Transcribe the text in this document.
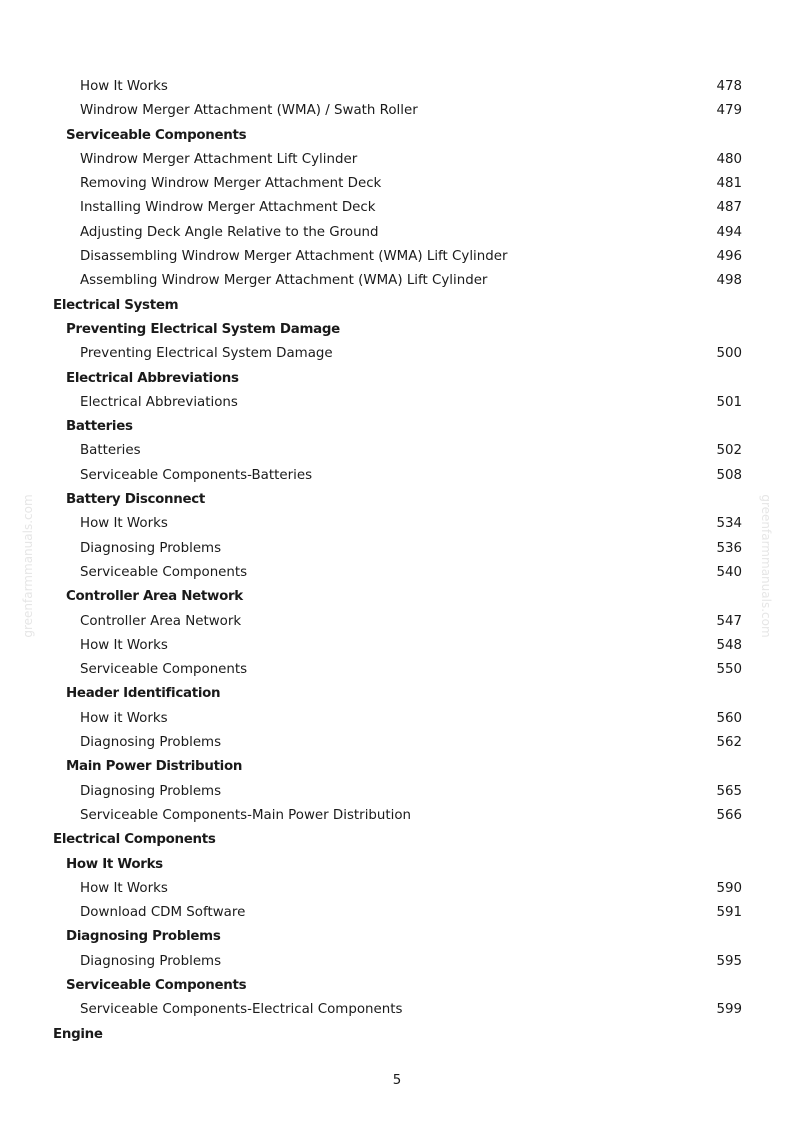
How It Works	478
Windrow Merger Attachment (WMA) / Swath Roller	479
Serviceable Components
Windrow Merger Attachment Lift Cylinder	480
Removing Windrow Merger Attachment Deck	481
Installing Windrow Merger Attachment Deck	487
Adjusting Deck Angle Relative to the Ground	494
Disassembling Windrow Merger Attachment (WMA) Lift Cylinder	496
Assembling Windrow Merger Attachment (WMA) Lift Cylinder	498
Electrical System
Preventing Electrical System Damage
Preventing Electrical System Damage	500
Electrical Abbreviations
Electrical Abbreviations	501
Batteries
Batteries	502
Serviceable Components-Batteries	508
Battery Disconnect
How It Works	534
Diagnosing Problems	536
Serviceable Components	540
Controller Area Network
Controller Area Network	547
How It Works	548
Serviceable Components	550
Header Identification
How it Works	560
Diagnosing Problems	562
Main Power Distribution
Diagnosing Problems	565
Serviceable Components-Main Power Distribution	566
Electrical Components
How It Works
How It Works	590
Download CDM Software	591
Diagnosing Problems
Diagnosing Problems	595
Serviceable Components
Serviceable Components-Electrical Components	599
Engine
5
greenfarmmanuals.com	greenfarmmanuals.com
